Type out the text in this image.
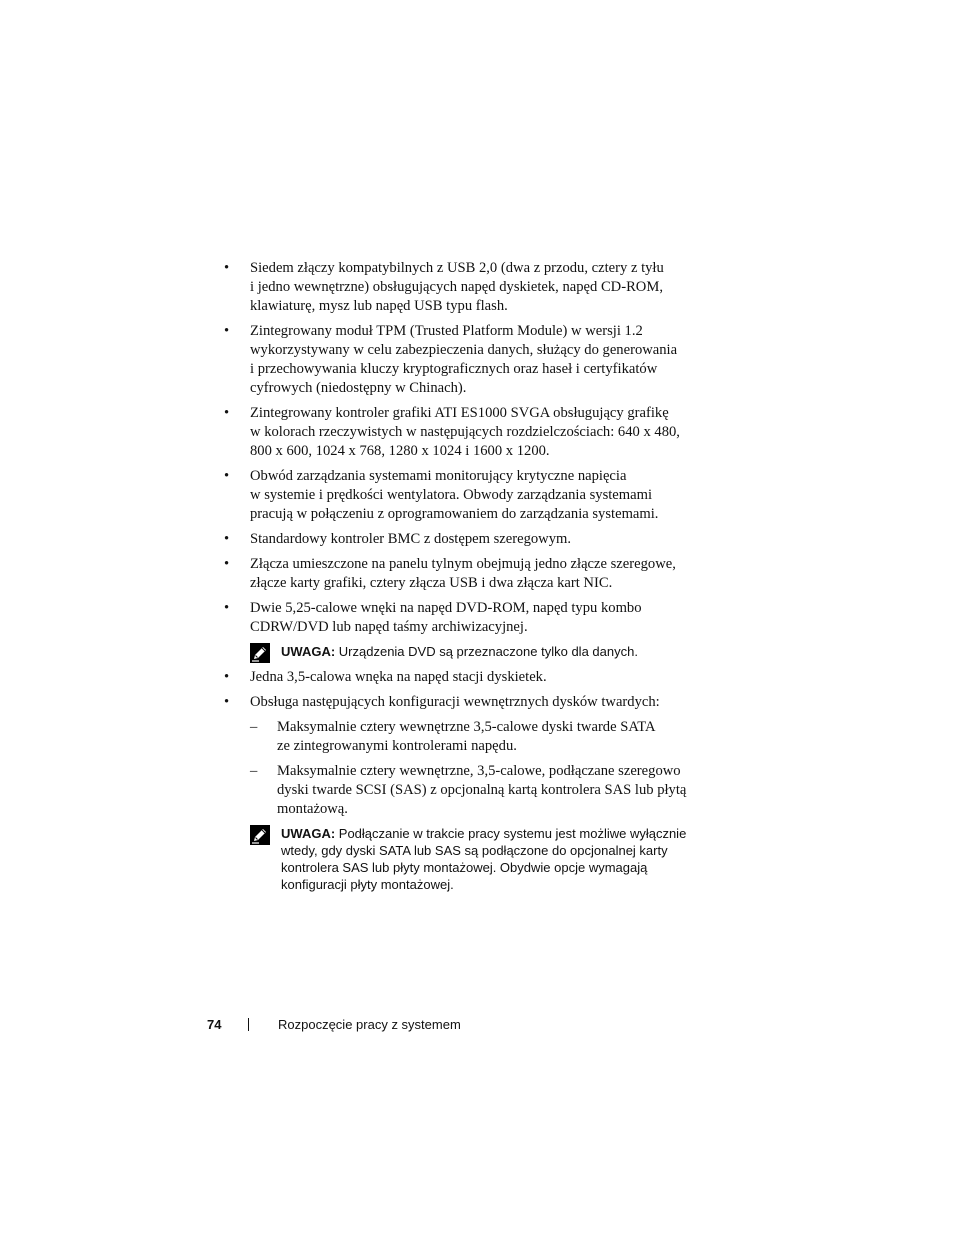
•	Siedem złączy kompatybilnych z USB 2,0 (dwa z przodu, cztery z tyłu
i jedno wewnętrzne) obsługujących napęd dyskietek, napęd CD-ROM,
klawiaturę, mysz lub napęd USB typu flash.
•	Zintegrowany moduł TPM (Trusted Platform Module) w wersji 1.2
wykorzystywany w celu zabezpieczenia danych, służący do generowania
i przechowywania kluczy kryptograficznych oraz haseł i certyfikatów
cyfrowych (niedostępny w Chinach).
•	Zintegrowany kontroler grafiki ATI ES1000 SVGA obsługujący grafikę
w kolorach rzeczywistych w następujących rozdzielczościach: 640 x 480,
800 x 600, 1024 x 768, 1280 x 1024 i 1600 x 1200.
•	Obwód zarządzania systemami monitorujący krytyczne napięcia
w systemie i prędkości wentylatora. Obwody zarządzania systemami
pracują w połączeniu z oprogramowaniem do zarządzania systemami.
•	Standardowy kontroler BMC z dostępem szeregowym.
•	Złącza umieszczone na panelu tylnym obejmują jedno złącze szeregowe,
złącze karty grafiki, cztery złącza USB i dwa złącza kart NIC.
•	Dwie 5,25-calowe wnęki na napęd DVD-ROM, napęd typu kombo
CDRW/DVD lub napęd taśmy archiwizacyjnej.
UWAGA: Urządzenia DVD są przeznaczone tylko dla danych.
•	Jedna 3,5-calowa wnęka na napęd stacji dyskietek.
•	Obsługa następujących konfiguracji wewnętrznych dysków twardych:
–	Maksymalnie cztery wewnętrzne 3,5-calowe dyski twarde SATA
ze zintegrowanymi kontrolerami napędu.
–	Maksymalnie cztery wewnętrzne, 3,5-calowe, podłączane szeregowo
dyski twarde SCSI (SAS) z opcjonalną kartą kontrolera SAS lub płytą
montażową.
UWAGA: Podłączanie w trakcie pracy systemu jest możliwe wyłącznie
wtedy, gdy dyski SATA lub SAS są podłączone do opcjonalnej karty
kontrolera SAS lub płyty montażowej. Obydwie opcje wymagają
konfiguracji płyty montażowej.
74	Rozpoczęcie pracy z systemem
